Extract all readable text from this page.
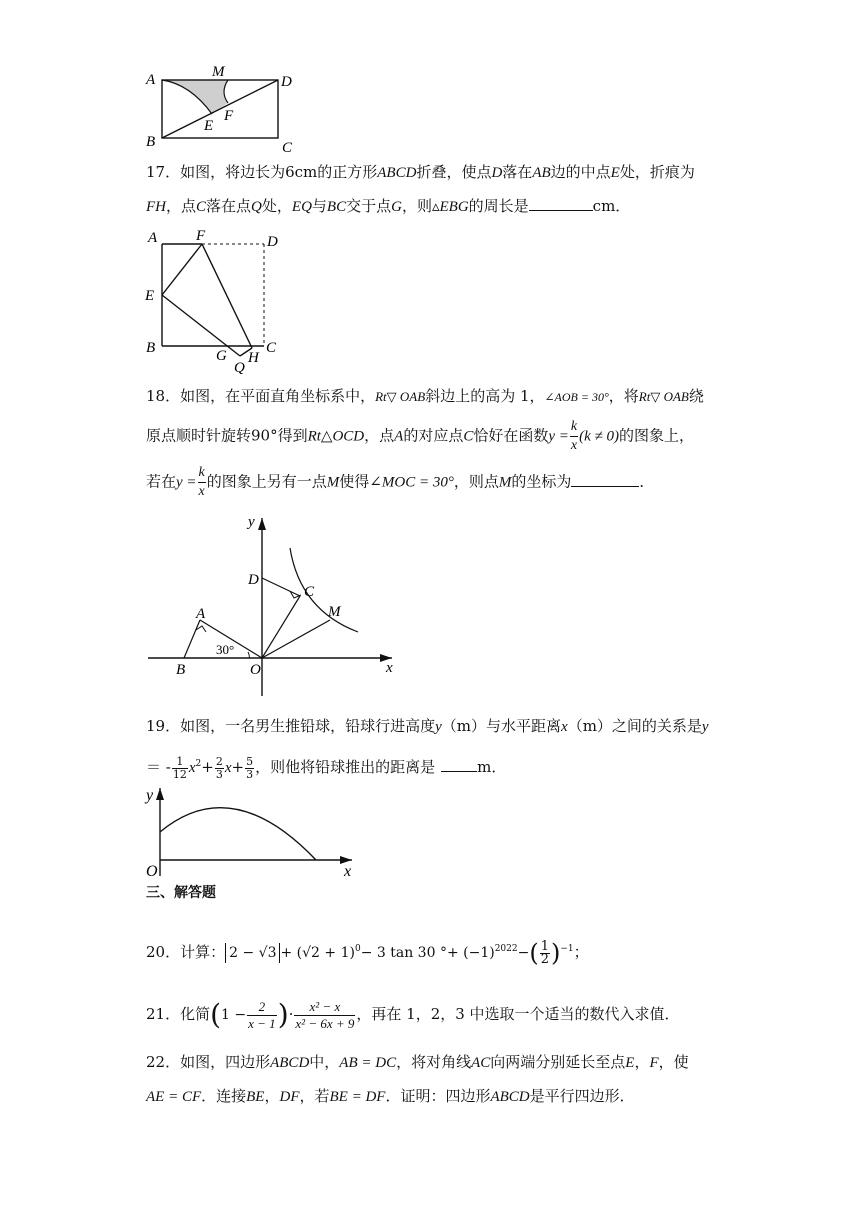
A	M
D
B
E
F
C
17．如图，将边长为6cm的正方形ABCD折叠，使点D落在AB边的中点E处，折痕为
FH，点C落在点Q处，EQ与BC交于点G，则▵EBG的周长是	cm．
A	F	D
E
B	G H
C
Q
18．如图，在平面直角坐标系中，Rt▽ OAB斜边上的高为 1，∠AOB = 30°，将Rt▽ OAB绕
原点顺时针旋转90°得到Rt△OCD，点A的对应点C恰好在函数$y = \frac{k}{x} (k \ne 0)$的图象上，
若在$y = \frac{k}{x}$ 的图象上另有一点M使得∠MOC = 30°，则点M的坐标为	．
y
x
D
C
M
A
B	O
30°
19．如图，一名男生推铅球，铅球行进高度y（m）与水平距离x（m）之间的关系是y
＝ - $\frac{1}{12} x^2+ \frac{2}{3} x+ \frac{5}{3}$ ，则他将铅球推出的距离是	m．
y
O	x
三、解答题
20．计算： $2 - √3 + (√2 + 1)^0- 3$ tan 30 °+ $(-1)^{2022}-( \frac{1}{2} )^{-1}$；
21．化简($1 - \frac{2}{x - 1}$ )· $\frac{\text{x² − x}}{\text{x² − 6x + 9}}$ ，再在 1，2，3 中选取一个适当的数代入求值．
22．如图，四边形ABCD中，AB = DC，将对角线AC向两端分别延长至点E，F，使
AE = CF．连接BE，DF，若BE = DF．证明：四边形ABCD是平行四边形．
